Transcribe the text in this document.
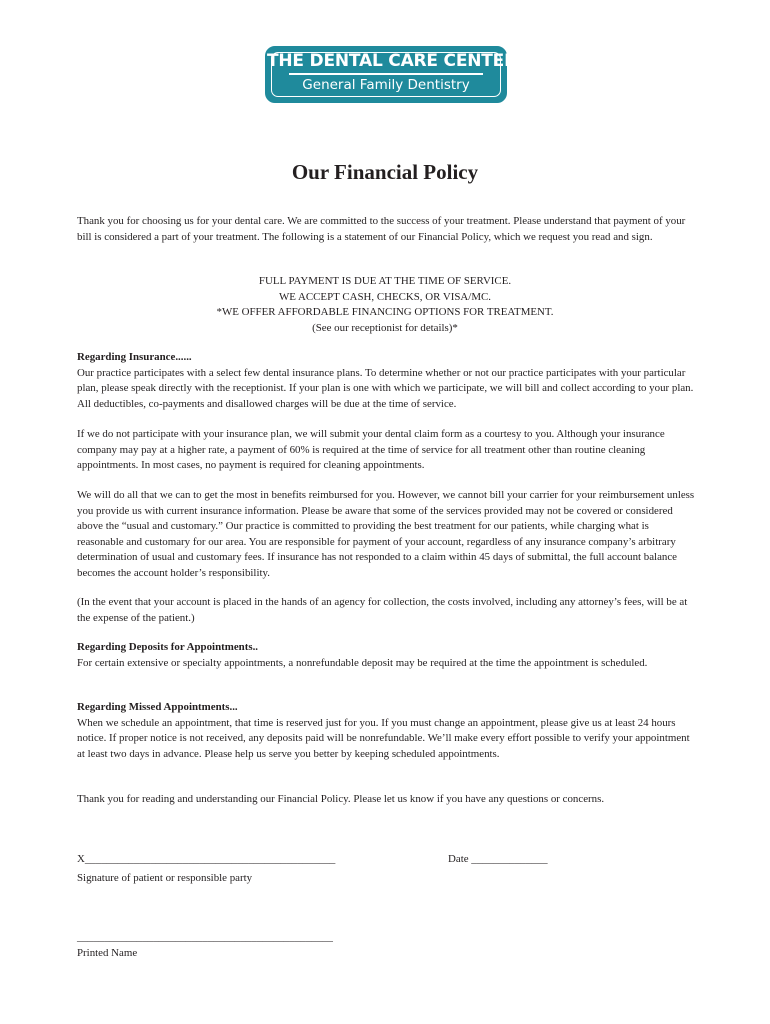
THE DENTAL CARE CENTER
General Family Dentistry
Our Financial Policy

Thank you for choosing us for your dental care. We are committed to the success of your treatment. Please understand that payment of your bill is considered a part of your treatment. The following is a statement of our Financial Policy, which we request you read and sign.

FULL PAYMENT IS DUE AT THE TIME OF SERVICE.
WE ACCEPT CASH, CHECKS, OR VISA/MC.
*WE OFFER AFFORDABLE FINANCING OPTIONS FOR TREATMENT.
(See our receptionist for details)*
Regarding Insurance......
Our practice participates with a select few dental insurance plans. To determine whether or not our practice participates with your particular plan, please speak directly with the receptionist. If your plan is one with which we participate, we will bill and collect according to your plan. All deductibles, co-payments and disallowed charges will be due at the time of service.

If we do not participate with your insurance plan, we will submit your dental claim form as a courtesy to you. Although your insurance company may pay at a higher rate, a payment of 60% is required at the time of service for all treatment other than routine cleaning appointments. In most cases, no payment is required for cleaning appointments.

We will do all that we can to get the most in benefits reimbursed for you. However, we cannot bill your carrier for your reimbursement unless you provide us with current insurance information. Please be aware that some of the services provided may not be covered or considered above the “usual and customary.” Our practice is committed to providing the best treatment for our patients, while charging what is reasonable and customary for our area. You are responsible for payment of your account, regardless of any insurance company’s arbitrary determination of usual and customary fees. If insurance has not responded to a claim within 45 days of submittal, the full account balance becomes the account holder’s responsibility.

(In the event that your account is placed in the hands of an agency for collection, the costs involved, including any attorney’s fees, will be at the expense of the patient.)

Regarding Deposits for Appointments..
For certain extensive or specialty appointments, a nonrefundable deposit may be required at the time the appointment is scheduled.
Regarding Missed Appointments...
When we schedule an appointment, that time is reserved just for you. If you must change an appointment, please give us at least 24 hours notice. If proper notice is not received, any deposits paid will be nonrefundable. We’ll make every effort possible to verify your appointment at least two days in advance. Please help us serve you better by keeping scheduled appointments.

Thank you for reading and understanding our Financial Policy. Please let us know if you have any questions or concerns.

X______________________________________________	Date ______________
Signature of patient or responsible party
_______________________________________________
Printed Name
